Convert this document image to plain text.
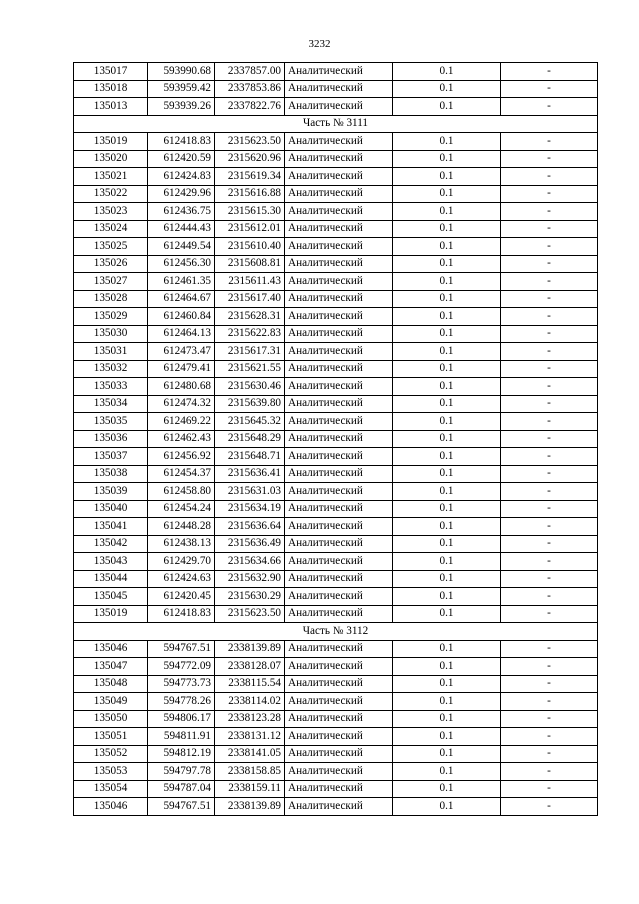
3232
135017	593990.68	2337857.00	Аналитический	0.1	-
135018	593959.42	2337853.86	Аналитический	0.1	-
135013	593939.26	2337822.76	Аналитический	0.1	-
Часть № 3111					
135019	612418.83	2315623.50	Аналитический	0.1	-
135020	612420.59	2315620.96	Аналитический	0.1	-
135021	612424.83	2315619.34	Аналитический	0.1	-
135022	612429.96	2315616.88	Аналитический	0.1	-
135023	612436.75	2315615.30	Аналитический	0.1	-
135024	612444.43	2315612.01	Аналитический	0.1	-
135025	612449.54	2315610.40	Аналитический	0.1	-
135026	612456.30	2315608.81	Аналитический	0.1	-
135027	612461.35	2315611.43	Аналитический	0.1	-
135028	612464.67	2315617.40	Аналитический	0.1	-
135029	612460.84	2315628.31	Аналитический	0.1	-
135030	612464.13	2315622.83	Аналитический	0.1	-
135031	612473.47	2315617.31	Аналитический	0.1	-
135032	612479.41	2315621.55	Аналитический	0.1	-
135033	612480.68	2315630.46	Аналитический	0.1	-
135034	612474.32	2315639.80	Аналитический	0.1	-
135035	612469.22	2315645.32	Аналитический	0.1	-
135036	612462.43	2315648.29	Аналитический	0.1	-
135037	612456.92	2315648.71	Аналитический	0.1	-
135038	612454.37	2315636.41	Аналитический	0.1	-
135039	612458.80	2315631.03	Аналитический	0.1	-
135040	612454.24	2315634.19	Аналитический	0.1	-
135041	612448.28	2315636.64	Аналитический	0.1	-
135042	612438.13	2315636.49	Аналитический	0.1	-
135043	612429.70	2315634.66	Аналитический	0.1	-
135044	612424.63	2315632.90	Аналитический	0.1	-
135045	612420.45	2315630.29	Аналитический	0.1	-
135019	612418.83	2315623.50	Аналитический	0.1	-
Часть № 3112					
135046	594767.51	2338139.89	Аналитический	0.1	-
135047	594772.09	2338128.07	Аналитический	0.1	-
135048	594773.73	2338115.54	Аналитический	0.1	-
135049	594778.26	2338114.02	Аналитический	0.1	-
135050	594806.17	2338123.28	Аналитический	0.1	-
135051	594811.91	2338131.12	Аналитический	0.1	-
135052	594812.19	2338141.05	Аналитический	0.1	-
135053	594797.78	2338158.85	Аналитический	0.1	-
135054	594787.04	2338159.11	Аналитический	0.1	-
135046	594767.51	2338139.89	Аналитический	0.1	-
